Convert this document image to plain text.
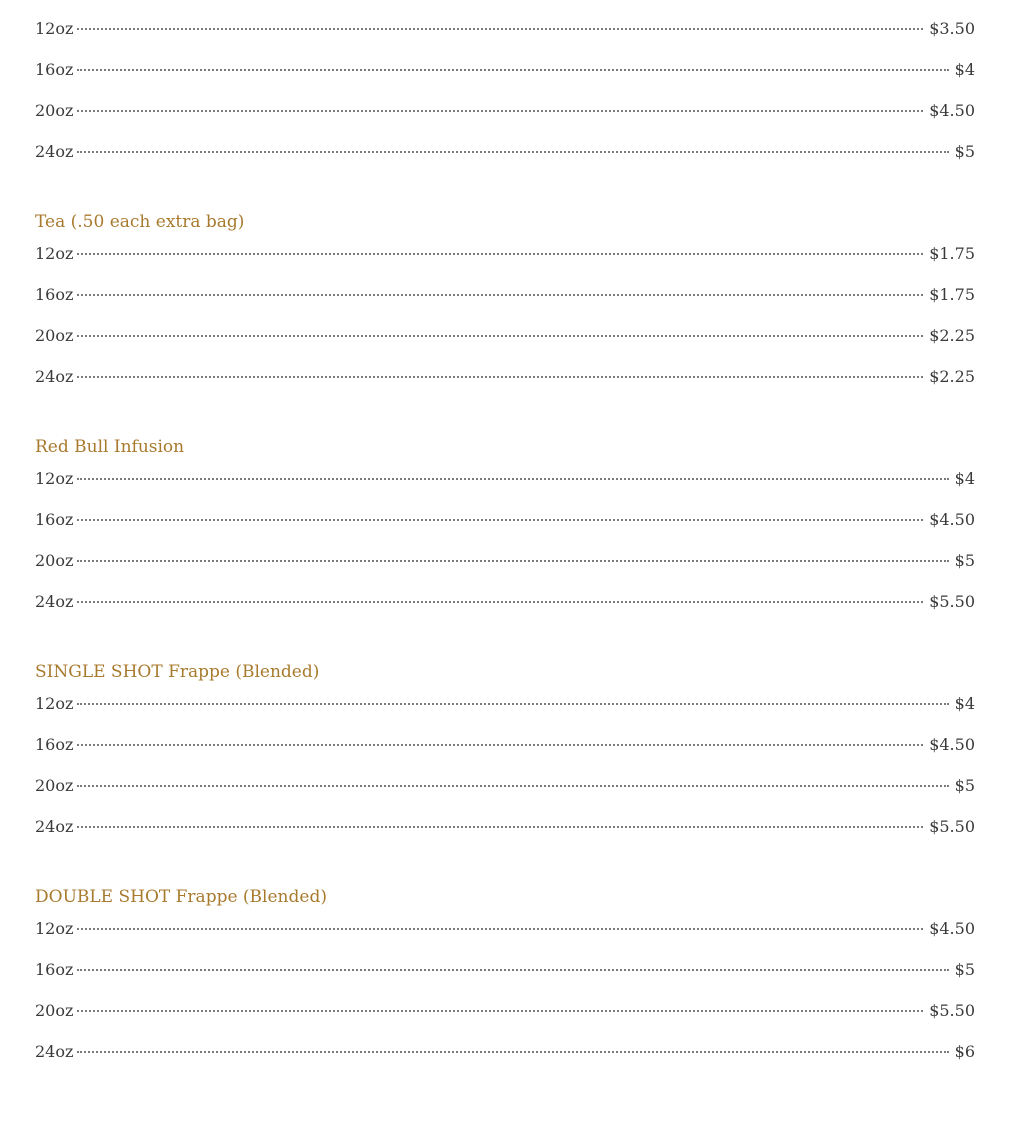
12oz	$3.50
16oz	$4
20oz	$4.50
24oz	$5
Tea (.50 each extra bag)
12oz	$1.75
16oz	$1.75
20oz	$2.25
24oz	$2.25
Red Bull Infusion
12oz	$4
16oz	$4.50
20oz	$5
24oz	$5.50
SINGLE SHOT Frappe (Blended)
12oz	$4
16oz	$4.50
20oz	$5
24oz	$5.50
DOUBLE SHOT Frappe (Blended)
12oz	$4.50
16oz	$5
20oz	$5.50
24oz	$6
